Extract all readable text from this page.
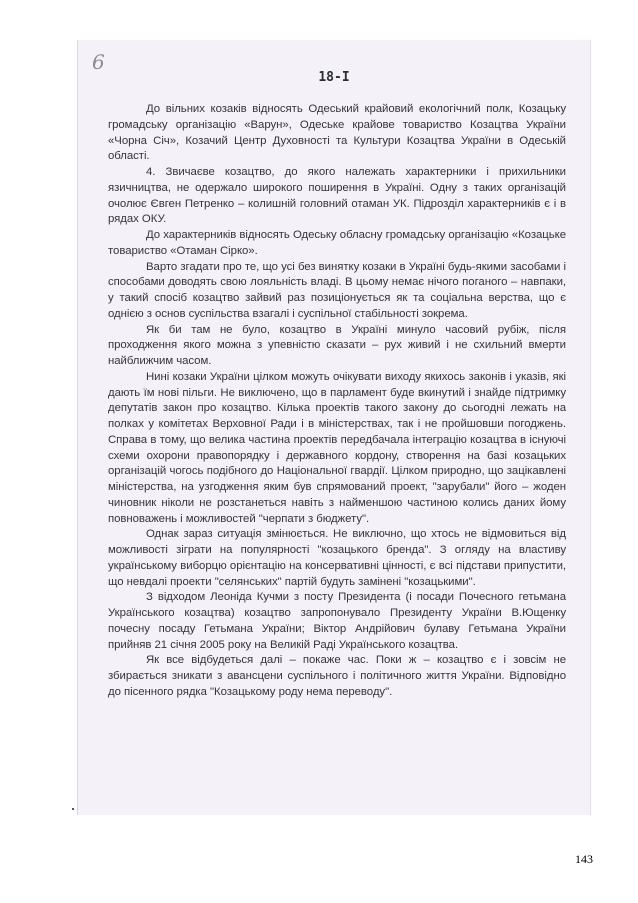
6
18-І

До вільних козаків відносять Одеський крайовий екологічний полк, Козацьку громадську організацію «Варун», Одеське крайове товариство Козацтва України «Чорна Січ», Козачий Центр Духовності та Культури Козацтва України в Одеській області.

4. Звичаєве козацтво, до якого належать характерники і прихильники язичництва, не одержало широкого поширення в Україні. Одну з таких організацій очолює Євген Петренко – колишній головний отаман УК. Підрозділ характерників є і в рядах ОКУ.

До характерників відносять Одеську обласну громадську організацію «Козацьке товариство «Отаман Сірко».

Варто згадати про те, що усі без винятку козаки в Україні будь-якими засобами і способами доводять свою лояльність владі. В цьому немає нічого поганого – навпаки, у такий спосіб козацтво зайвий раз позиціонується як та соціальна верства, що є однією з основ суспільства взагалі і суспільної стабільності зокрема.

Як би там не було, козацтво в Україні минуло часовий рубіж, після проходження якого можна з упевністю сказати – рух живий і не схильний вмерти найближчим часом.

Нині козаки України цілком можуть очікувати виходу якихось законів і указів, які дають їм нові пільги. Не виключено, що в парламент буде вкинутий і знайде підтримку депутатів закон про козацтво. Кілька проектів такого закону до сьогодні лежать на полках у комітетах Верховної Ради і в міністерствах, так і не пройшовши погоджень. Справа в тому, що велика частина проектів передбачала інтеграцію козацтва в існуючі схеми охорони правопорядку і державного кордону, створення на базі козацьких організацій чогось подібного до Національної гвардії. Цілком природно, що зацікавлені міністерства, на узгодження яким був спрямований проект, "зарубали" його – жоден чиновник ніколи не розстанеться навіть з найменшою частиною колись даних йому повноважень і можливостей "черпати з бюджету".

Однак зараз ситуація змінюється. Не виключно, що хтось не відмовиться від можливості зіграти на популярності "козацького бренда". З огляду на властиву українському виборцю орієнтацію на консервативні цінності, є всі підстави припустити, що невдалі проекти "селянських" партій будуть замінені "козацькими".

З відходом Леоніда Кучми з посту Президента (і посади Почесного гетьмана Українського козацтва) козацтво запропонувало Президенту України В.Ющенку почесну посаду Гетьмана України; Віктор Андрійович булаву Гетьмана України прийняв 21 січня 2005 року на Великій Раді Українського козацтва.

Як все відбудеться далі – покаже час. Поки ж – козацтво є і зовсім не збирається зникати з авансцени суспільного і політичного життя України. Відповідно до пісенного рядка "Козацькому роду нема переводу".

143
